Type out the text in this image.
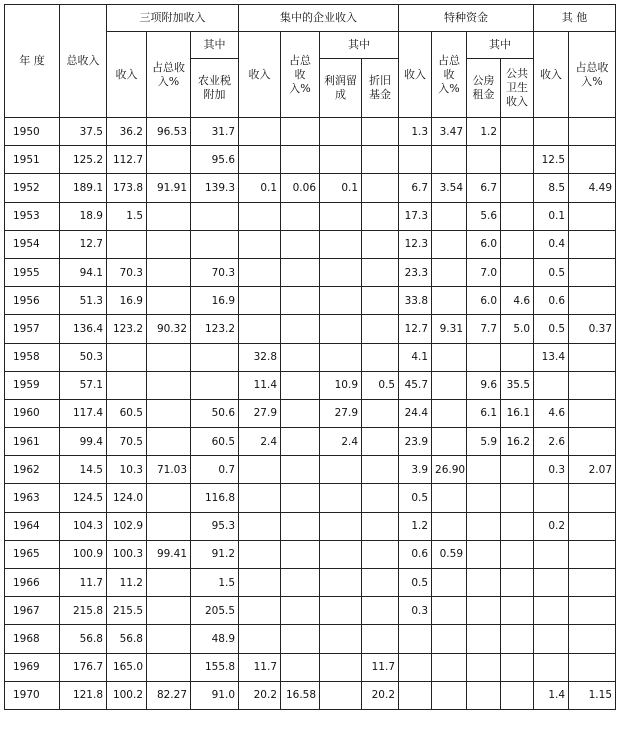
年 度	总收入	三项附加收入			集中的企业收入				特种资金				其 他	
		收入	占总收入%	其中	收入	占总收入%	其中		收入	占总收入%	其中		收入	占总收入%
				农业税附加			利润留成	折旧基金			公房租金	公共卫生收入		
1950	37.5	36.2	96.53	31.7					1.3	3.47	1.2			
1951	125.2	112.7		95.6									12.5	
1952	189.1	173.8	91.91	139.3	0.1	0.06	0.1		6.7	3.54	6.7		8.5	4.49
1953	18.9	1.5							17.3		5.6		0.1	
1954	12.7								12.3		6.0		0.4	
1955	94.1	70.3		70.3					23.3		7.0		0.5	
1956	51.3	16.9		16.9					33.8		6.0	4.6	0.6	
1957	136.4	123.2	90.32	123.2					12.7	9.31	7.7	5.0	0.5	0.37
1958	50.3				32.8				4.1				13.4	
1959	57.1				11.4		10.9	0.5	45.7		9.6	35.5		
1960	117.4	60.5		50.6	27.9		27.9		24.4		6.1	16.1	4.6	
1961	99.4	70.5		60.5	2.4		2.4		23.9		5.9	16.2	2.6	
1962	14.5	10.3	71.03	0.7					3.9	26.90			0.3	2.07
1963	124.5	124.0		116.8					0.5					
1964	104.3	102.9		95.3					1.2				0.2	
1965	100.9	100.3	99.41	91.2					0.6	0.59				
1966	11.7	11.2		1.5					0.5					
1967	215.8	215.5		205.5					0.3					
1968	56.8	56.8		48.9										
1969	176.7	165.0		155.8	11.7			11.7						
1970	121.8	100.2	82.27	91.0	20.2	16.58		20.2					1.4	1.15
